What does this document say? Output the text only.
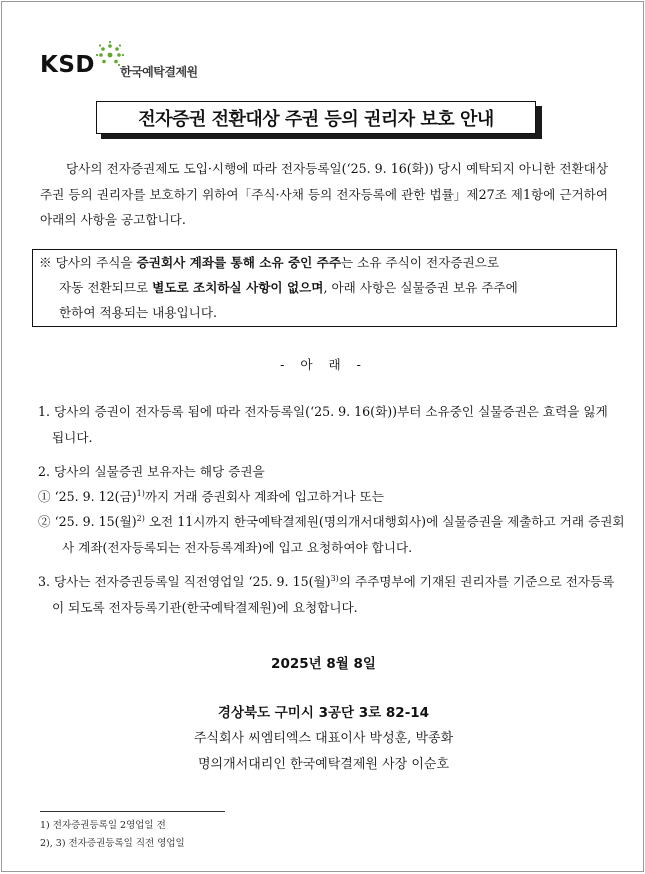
KSD 한국예탁결제원
전자증권 전환대상 주권 등의 권리자 보호 안내
당사의 전자증권제도 도입·시행에 따라 전자등록일(‘25. 9. 16(화)) 당시 예탁되지 아니한 전환대상주권 등의 권리자를 보호하기 위하여「주식·사채 등의 전자등록에 관한 법률」제27조 제1항에 근거하여 아래의 사항을 공고합니다.
※ 당사의 주식을 증권회사 계좌를 통해 소유 중인 주주는 소유 주식이 전자증권으로
자동 전환되므로 별도로 조치하실 사항이 없으며, 아래 사항은 실물증권 보유 주주에
한하여 적용되는 내용입니다.
- 아 래 -
1. 당사의 증권이 전자등록 됨에 따라 전자등록일(‘25. 9. 16(화))부터 소유중인 실물증권은 효력을 잃게 됩니다.
2. 당사의 실물증권 보유자는 해당 증권을
① ‘25. 9. 12(금)$^{1)}$까지 거래 증권회사 계좌에 입고하거나 또는
② ‘25. 9. 15(월)$^{2)}$ 오전 11시까지 한국예탁결제원(명의개서대행회사)에 실물증권을 제출하고 거래 증권회사 계좌(전자등록되는 전자등록계좌)에 입고 요청하여야 합니다.
3. 당사는 전자증권등록일 직전영업일 ‘25. 9. 15(월)$^{3)}$의 주주명부에 기재된 권리자를 기준으로 전자등록이 되도록 전자등록기관(한국예탁결제원)에 요청합니다.
2025년 8월 8일
경상북도 구미시 3공단 3로 82-14
주식회사 씨엠티엑스 대표이사 박성훈, 박종화
명의개서대리인 한국예탁결제원 사장 이순호
1) 전자증권등록일 2영업일 전
2), 3) 전자증권등록일 직전 영업일
